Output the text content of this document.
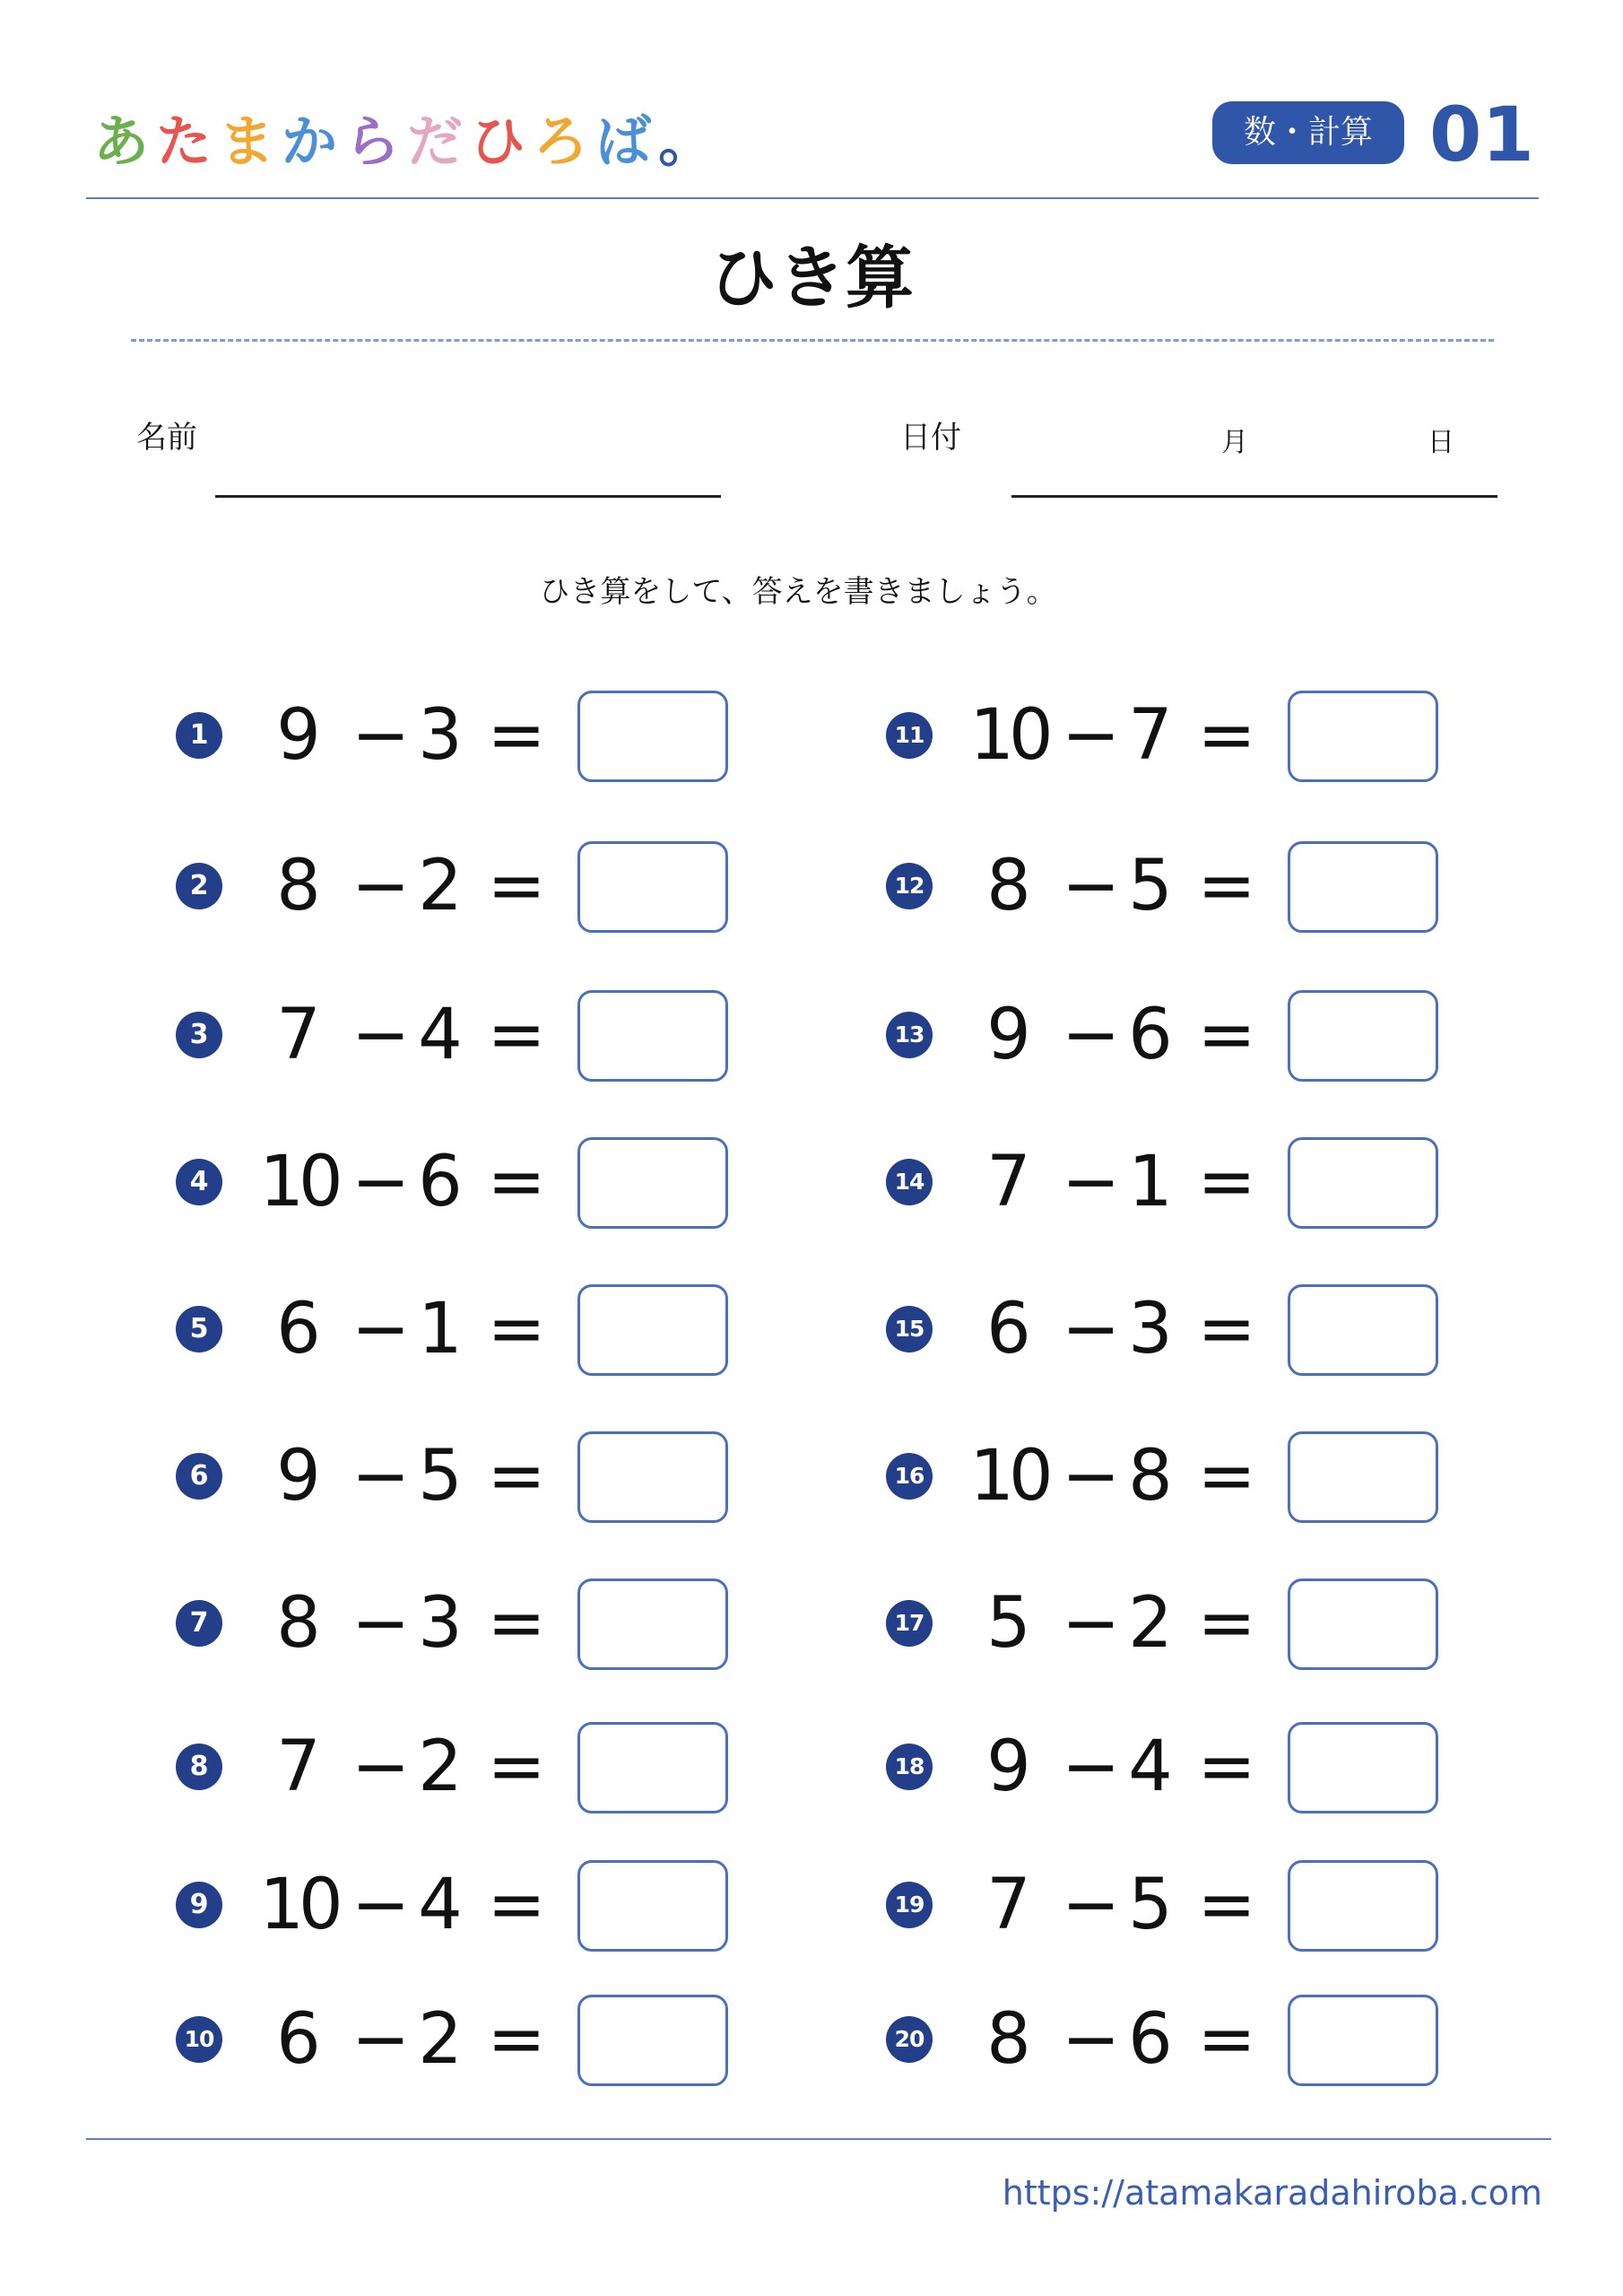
あたまからだひろば。	数・計算 01
ひき算
名前	日付	月	日
ひき算をして、答えを書きましょう。
1 9 − 3 =
2 8 − 2 =
3 7 − 4 =
4 10 − 6 =
5 6 − 1 =
6 9 − 5 =
7 8 − 3 =
8 7 − 2 =
9 10 − 4 =
10 6 − 2 =
11 10 − 7 =
12 8 − 5 =
13 9 − 6 =
14 7 − 1 =
15 6 − 3 =
16 10 − 8 =
17 5 − 2 =
18 9 − 4 =
19 7 − 5 =
20 8 − 6 =
https://atamakaradahiroba.com
